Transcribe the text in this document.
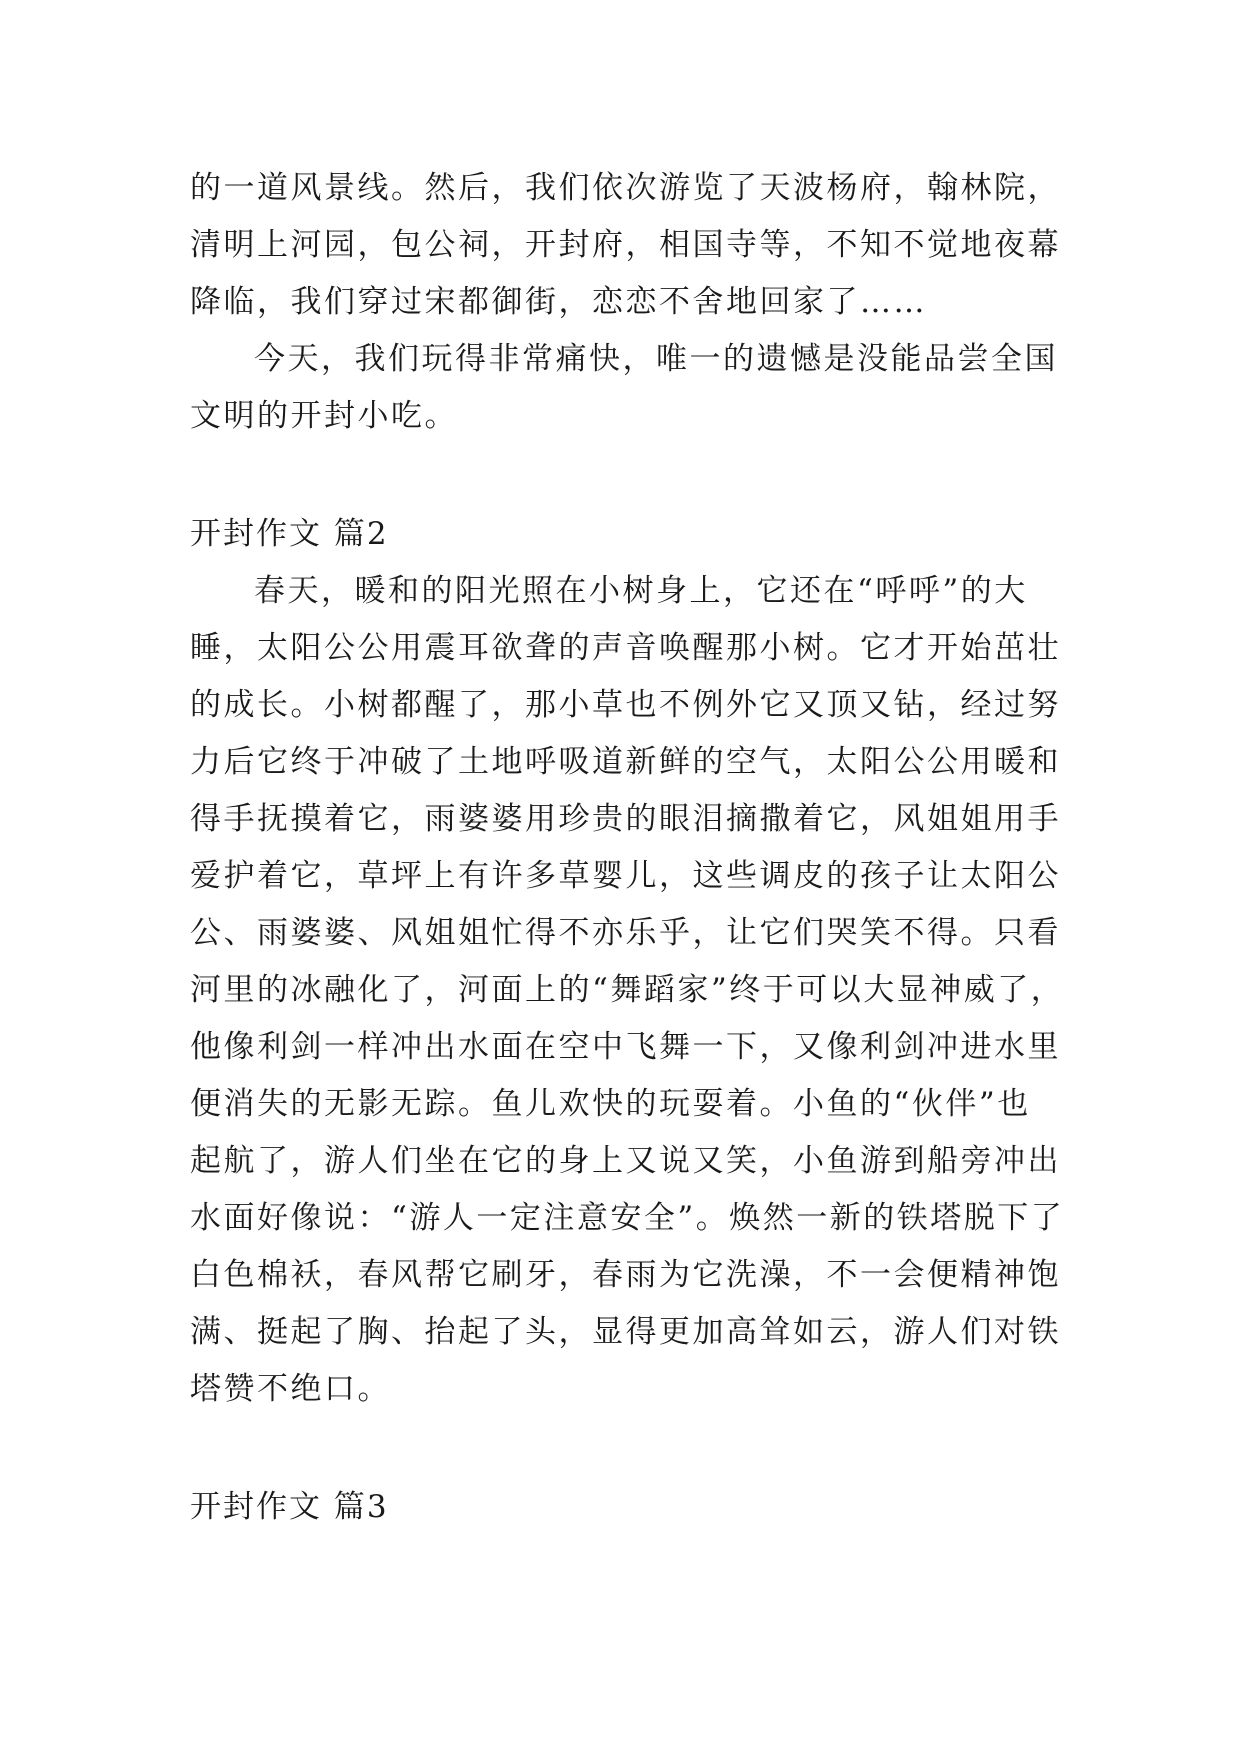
的一道风景线。然后，我们依次游览了天波杨府，翰林院，
清明上河园，包公祠，开封府，相国寺等，不知不觉地夜幕
降临，我们穿过宋都御街，恋恋不舍地回家了……
今天，我们玩得非常痛快，唯一的遗憾是没能品尝全国
文明的开封小吃。
开封作文 篇2
春天，暖和的阳光照在小树身上，它还在“呼呼”的大
睡，太阳公公用震耳欲聋的声音唤醒那小树。它才开始茁壮
的成长。小树都醒了，那小草也不例外它又顶又钻，经过努
力后它终于冲破了土地呼吸道新鲜的空气，太阳公公用暖和
得手抚摸着它，雨婆婆用珍贵的眼泪摘撒着它，风姐姐用手
爱护着它，草坪上有许多草婴儿，这些调皮的孩子让太阳公
公、雨婆婆、风姐姐忙得不亦乐乎，让它们哭笑不得。只看
河里的冰融化了，河面上的“舞蹈家”终于可以大显神威了，
他像利剑一样冲出水面在空中飞舞一下，又像利剑冲进水里
便消失的无影无踪。鱼儿欢快的玩耍着。小鱼的“伙伴”也
起航了，游人们坐在它的身上又说又笑，小鱼游到船旁冲出
水面好像说：“游人一定注意安全”。焕然一新的铁塔脱下了
白色棉袄，春风帮它刷牙，春雨为它洗澡，不一会便精神饱
满、挺起了胸、抬起了头，显得更加高耸如云，游人们对铁
塔赞不绝口。
开封作文 篇3
